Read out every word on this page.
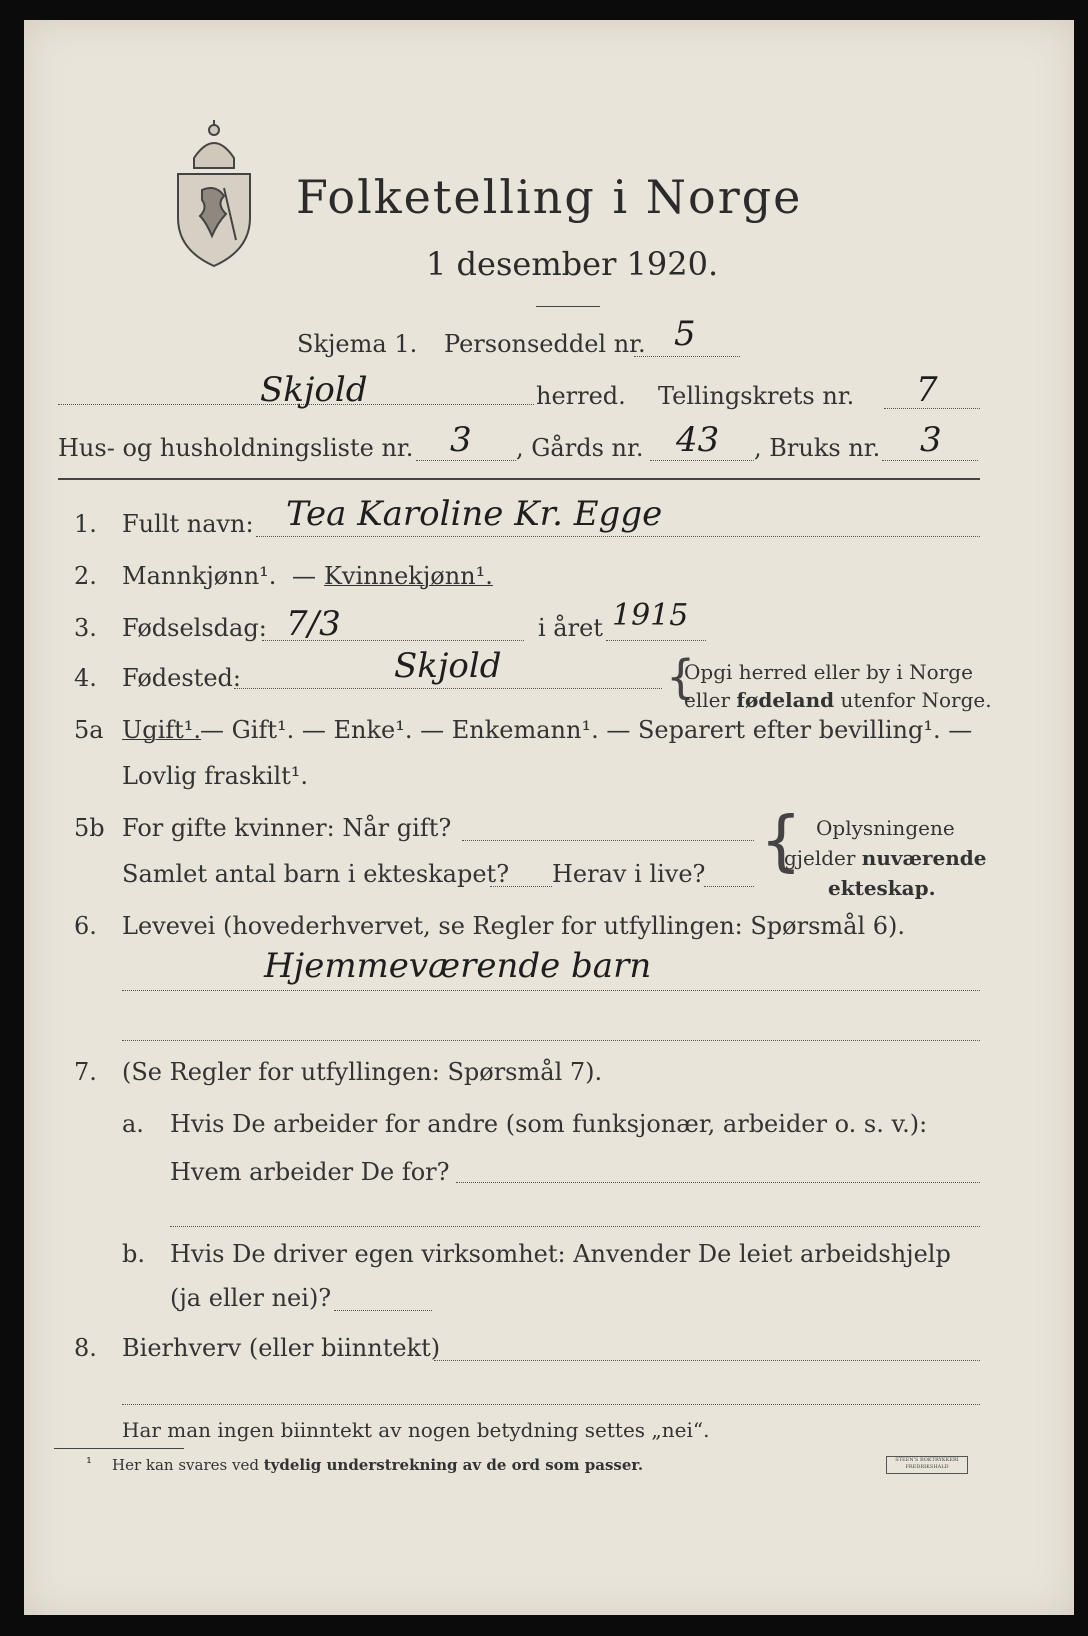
Folketelling i Norge
1 desember 1920.
Skjema 1. Personseddel nr. 5
Skjold	herred. Tellingskrets nr. 7
Hus- og husholdningsliste nr. 3 , Gårds nr. 43 , Bruks nr. 3
1. Fullt navn: Tea Karoline Kr. Egge
2. Mannkjønn¹. — Kvinnekjønn¹.
3. Fødselsdag: 7/3	i året 1915
4. Fødested:	Skjold	{
Opgi herred eller by i Norge
eller fødeland utenfor Norge.
5a Ugift¹.
— Gift¹. — Enke¹. — Enkemann¹. — Separert efter bevilling¹. —
Lovlig fraskilt¹.
5b For gifte kvinner: Når gift?
Samlet antal barn i ekteskapet? Herav i live? { Oplysningene
gjelder nuværende
ekteskap.
6. Levevei (hovederhvervet, se Regler for utfyllingen: Spørsmål 6).
Hjemmeværende barn
7. (Se Regler for utfyllingen: Spørsmål 7).
a. Hvis De arbeider for andre (som funksjonær, arbeider o. s. v.):
Hvem arbeider De for?
b. Hvis De driver egen virksomhet: Anvender De leiet arbeidshjelp
(ja eller nei)?
8. Bierhverv (eller biinntekt)
Har man ingen biinntekt av nogen betydning settes „nei“.
¹ Her kan svares ved tydelig understrekning av de ord som passer.	STEEN'S BOKTRYKKERI
FREDRIKSHALD
